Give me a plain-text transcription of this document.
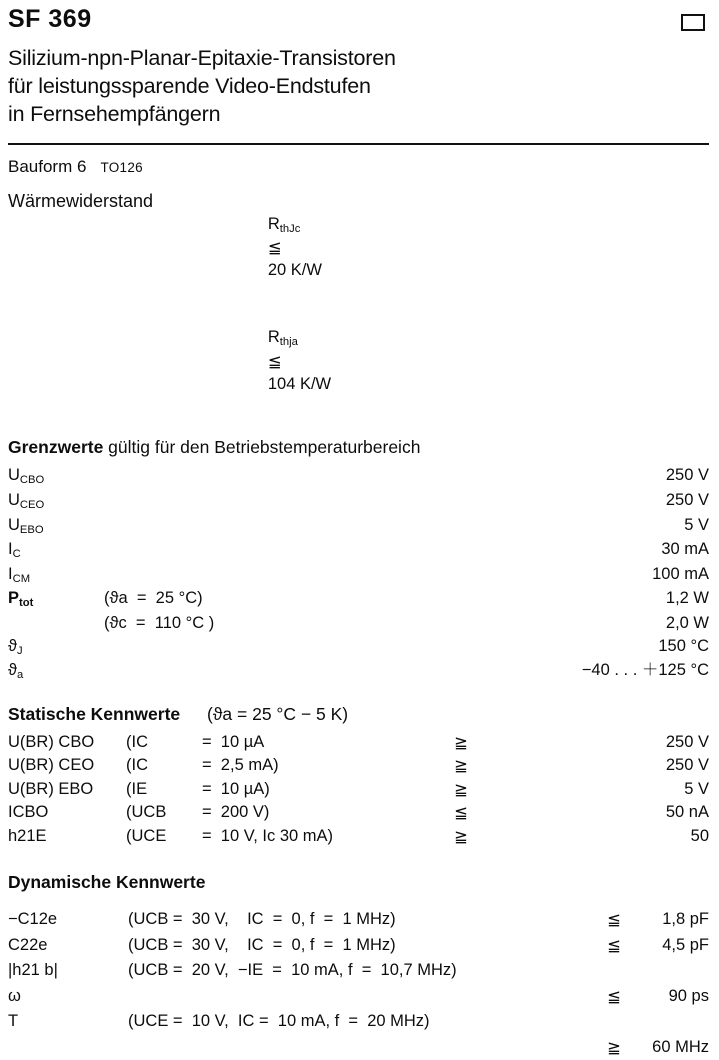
SF 369
Silizium-npn-Planar-Epitaxie-Transistoren
für leistungssparende Video-Endstufen
in Fernsehempfängern
Bauform 6 TO126
Wärmewiderstand

$R_{thJc}$
≦
20 K/W

$R_{thja}$
≦
104 K/W

Grenzwerte gültig für den Betriebstemperaturbereich
$U_{CBO}$		250 V
$U_{CEO}$		250 V
$U_{EBO}$		5 V
$I_C$		30 mA
$I_{CM}$		100 mA
$P_{tot}$	(ϑa  =  25 °C)	1,2 W
	(ϑc  =  110 °C )	2,0 W
$ϑ_J$		150 °C
$ϑ_a$		−40 . . . ＋125 °C
Statische Kennwerte (ϑa = 25 °C − 5 K)
U(BR) CBO	(IC	=  10 µA	≧	250 V
U(BR) CEO	(IC	=  2,5 mA)	≧	250 V
U(BR) EBO	(IE	=  10 µA)	≧	5 V
ICBO	(UCB	=  200 V)	≦	50 nA
h21E	(UCE	=  10 V, Ic 30 mA)	≧	50
Dynamische Kennwerte
−C12e	(UCB =  30 V,    IC  =  0, f  =  1 MHz)	≦	1,8 pF
C22e	(UCB =  30 V,    IC  =  0, f  =  1 MHz)	≦	4,5 pF
|h21 b|	(UCB =  20 V,  −IE  =  10 mA, f  =  10,7 MHz)		
ω		≦	90 ps
T	(UCE =  10 V,  IC =  10 mA, f  =  20 MHz)		
		≧	60 MHz
